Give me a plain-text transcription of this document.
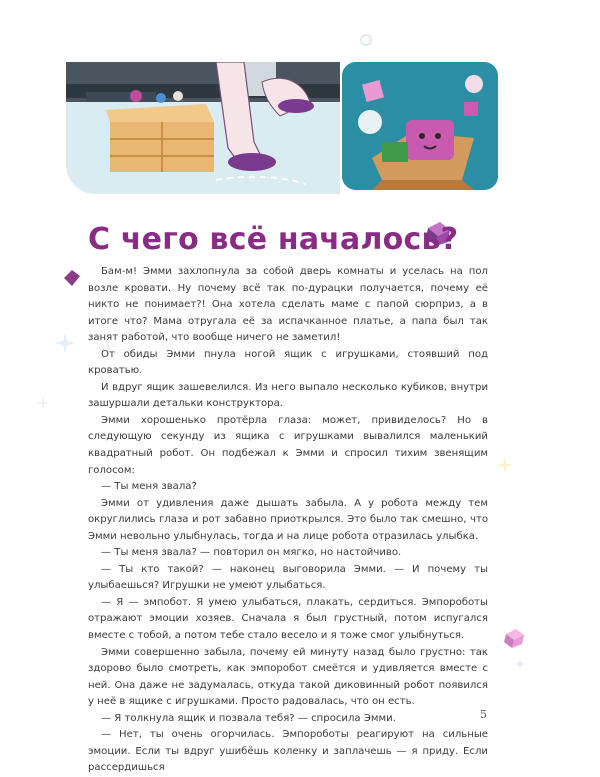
С чего всё началось?

Бам-м! Эмми захлопнула за собой дверь комнаты и уселась на пол возле кровати. Ну почему всё так по-дурацки получается, почему её никто не понимает?! Она хотела сделать маме с папой сюрприз, а в итоге что? Мама отругала её за испачканное платье, а папа был так занят работой, что вообще ничего не заметил!

От обиды Эмми пнула ногой ящик с игрушками, стоявший под кроватью.

И вдруг ящик зашевелился. Из него выпало несколько кубиков, внутри зашуршали детальки конструктора.

Эмми хорошенько протёрла глаза: может, привиделось? Но в следующую секунду из ящика с игрушками вывалился маленький квадратный робот. Он подбежал к Эмми и спросил тихим звенящим голосом:

— Ты меня звала?

Эмми от удивления даже дышать забыла. А у робота между тем округлились глаза и рот забавно приоткрылся. Это было так смешно, что Эмми невольно улыбнулась, тогда и на лице робота отразилась улыбка.

— Ты меня звала? — повторил он мягко, но настойчиво.

— Ты кто такой? — наконец выговорила Эмми. — И почему ты улыбаешься? Игрушки не умеют улыбаться.

— Я — эмпобот. Я умею улыбаться, плакать, сердиться. Эмпороботы отражают эмоции хозяев. Сначала я был грустный, потом испугался вместе с тобой, а потом тебе стало весело и я тоже смог улыбнуться.

Эмми совершенно забыла, почему ей минуту назад было грустно: так здорово было смотреть, как эмпоробот смеётся и удивляется вместе с ней. Она даже не задумалась, откуда такой диковинный робот появился у неё в ящике с игрушками. Просто радовалась, что он есть.

— Я толкнула ящик и позвала тебя? — спросила Эмми.

— Нет, ты очень огорчилась. Эмпороботы реагируют на сильные эмоции. Если ты вдруг ушибёшь коленку и заплачешь — я приду. Если рассердишься

5
